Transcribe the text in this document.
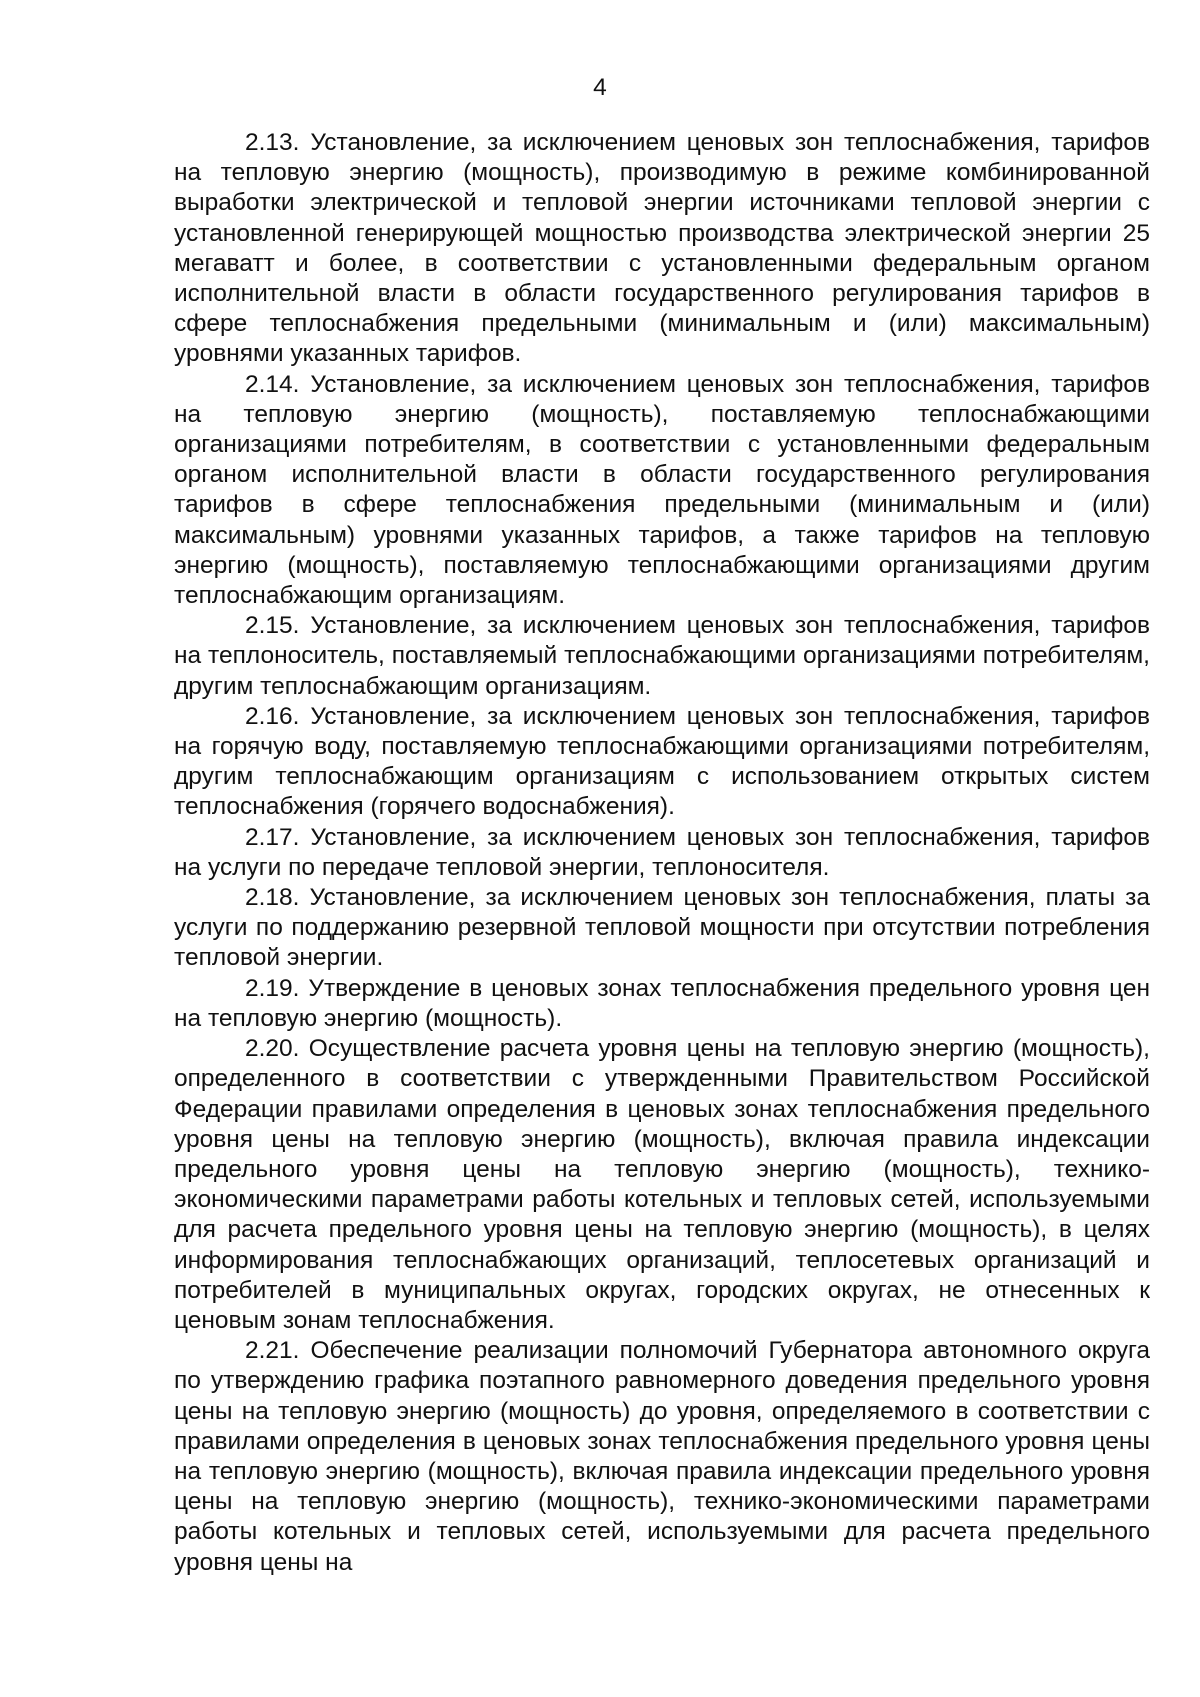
4

2.13. Установление, за исключением ценовых зон теплоснабжения, тарифов на тепловую энергию (мощность), производимую в режиме комбинированной выработки электрической и тепловой энергии источниками тепловой энергии с установленной генерирующей мощностью производства электрической энергии 25 мегаватт и более, в соответствии с установленными федеральным органом исполнительной власти в области государственного регулирования тарифов в сфере теплоснабжения предельными (минимальным и (или) максимальным) уровнями указанных тарифов.

2.14. Установление, за исключением ценовых зон теплоснабжения, тарифов на тепловую энергию (мощность), поставляемую теплоснабжающими организациями потребителям, в соответствии с установленными федеральным органом исполнительной власти в области государственного регулирования тарифов в сфере теплоснабжения предельными (минимальным и (или) максимальным) уровнями указанных тарифов, а также тарифов на тепловую энергию (мощность), поставляемую теплоснабжающими организациями другим теплоснабжающим организациям.

2.15. Установление, за исключением ценовых зон теплоснабжения, тарифов на теплоноситель, поставляемый теплоснабжающими организациями потребителям, другим теплоснабжающим организациям.

2.16. Установление, за исключением ценовых зон теплоснабжения, тарифов на горячую воду, поставляемую теплоснабжающими организациями потребителям, другим теплоснабжающим организациям с использованием открытых систем теплоснабжения (горячего водоснабжения).

2.17. Установление, за исключением ценовых зон теплоснабжения, тарифов на услуги по передаче тепловой энергии, теплоносителя.

2.18. Установление, за исключением ценовых зон теплоснабжения, платы за услуги по поддержанию резервной тепловой мощности при отсутствии потребления тепловой энергии.

2.19. Утверждение в ценовых зонах теплоснабжения предельного уровня цен на тепловую энергию (мощность).

2.20. Осуществление расчета уровня цены на тепловую энергию (мощность), определенного в соответствии с утвержденными Правительством Российской Федерации правилами определения в ценовых зонах теплоснабжения предельного уровня цены на тепловую энергию (мощность), включая правила индексации предельного уровня цены на тепловую энергию (мощность), технико-экономическими параметрами работы котельных и тепловых сетей, используемыми для расчета предельного уровня цены на тепловую энергию (мощность), в целях информирования теплоснабжающих организаций, теплосетевых организаций и потребителей в муниципальных округах, городских округах, не отнесенных к ценовым зонам теплоснабжения.

2.21. Обеспечение реализации полномочий Губернатора автономного округа по утверждению графика поэтапного равномерного доведения предельного уровня цены на тепловую энергию (мощность) до уровня, определяемого в соответствии с правилами определения в ценовых зонах теплоснабжения предельного уровня цены на тепловую энергию (мощность), включая правила индексации предельного уровня цены на тепловую энергию (мощность), технико-экономическими параметрами работы котельных и тепловых сетей, используемыми для расчета предельного уровня цены на
